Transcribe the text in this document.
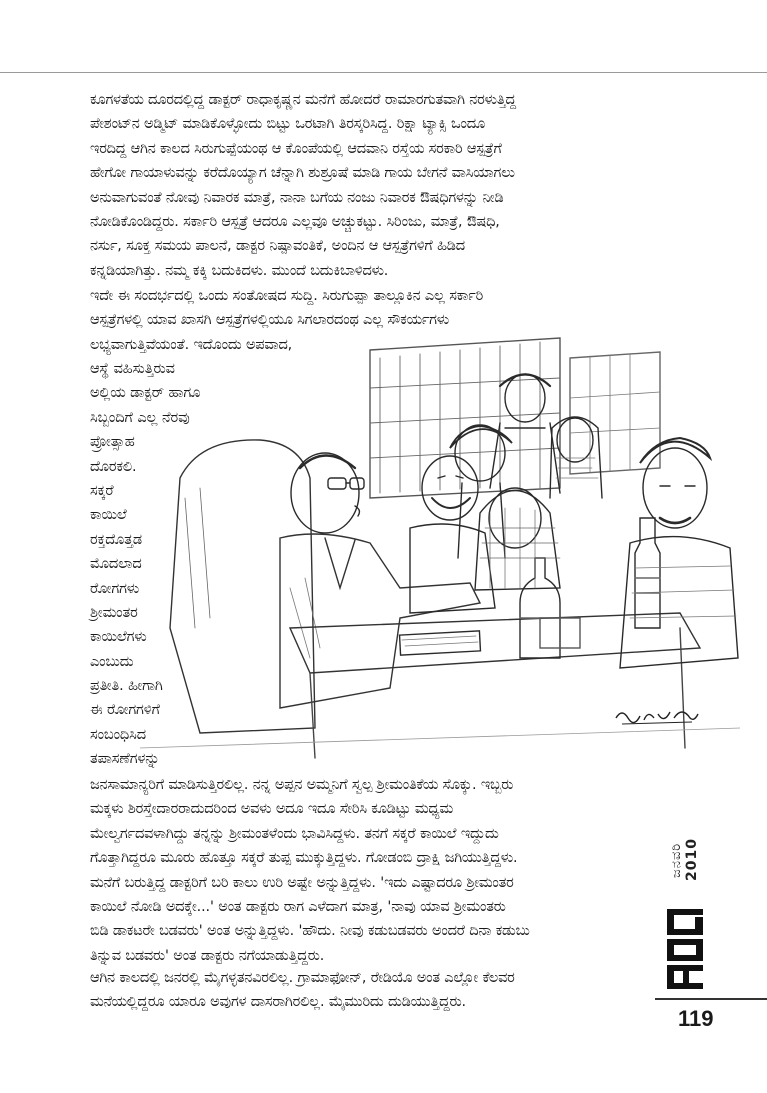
ಕೂಗಳತೆಯ ದೂರದಲ್ಲಿದ್ದ ಡಾಕ್ಟರ್ ರಾಧಾಕೃಷ್ಣನ ಮನೆಗೆ ಹೋದರೆ ರಾಮಾರಗುತವಾಗಿ ನರಳುತ್ತಿದ್ದ
ಪೇಶಂಟ್‌ನ ಅಡ್ಮಿಟ್ ಮಾಡಿಕೊಳ್ಳೋದು ಬಿಟ್ಟು ಒರಟಾಗಿ ತಿರಸ್ಕರಿಸಿದ್ದ. ರಿಕ್ಷಾ ಟ್ಯಾಕ್ಸಿ ಒಂದೂ
ಇರದಿದ್ದ ಆಗಿನ ಕಾಲದ ಸಿರುಗುಪ್ಪೆಯಂಥ ಆ ಕೊಂಪೆಯಲ್ಲಿ ಆದವಾನಿ ರಸ್ತೆಯ ಸರಕಾರಿ ಆಸ್ಪತ್ರೆಗೆ
ಹೇಗೋ ಗಾಯಾಳುವನ್ನು ಕರೆದೊಯ್ಯಾಗ ಚೆನ್ನಾಗಿ ಶುಶ್ರೂಷೆ ಮಾಡಿ ಗಾಯ ಬೇಗನೆ ವಾಸಿಯಾಗಲು
ಅನುವಾಗುವಂತೆ ನೋವು ನಿವಾರಕ ಮಾತ್ರೆ, ನಾನಾ ಬಗೆಯ ನಂಜು ನಿವಾರಕ ಔಷಧಿಗಳನ್ನು ನೀಡಿ
ನೋಡಿಕೊಂಡಿದ್ದರು. ಸರ್ಕಾರಿ ಆಸ್ಪತ್ರೆ ಆದರೂ ಎಲ್ಲವೂ ಅಚ್ಚುಕಟ್ಟು. ಸಿರಿಂಜು, ಮಾತ್ರೆ, ಔಷಧಿ,
ನರ್ಸು, ಸೂಕ್ತ ಸಮಯ ಪಾಲನೆ, ಡಾಕ್ಟರ ನಿಷ್ಪಾವಂತಿಕೆ, ಅಂದಿನ ಆ ಆಸ್ಪತ್ರೆಗಳಿಗೆ ಹಿಡಿದ
ಕನ್ನಡಿಯಾಗಿತ್ತು. ನಮ್ಮ ಕಕ್ಕಿ ಬದುಕಿದಳು. ಮುಂದೆ ಬದುಕಿಬಾಳಿದಳು.
ಇದೇ ಈ ಸಂದರ್ಭದಲ್ಲಿ ಒಂದು ಸಂತೋಷದ ಸುದ್ದಿ. ಸಿರುಗುಪ್ಪಾ ತಾಲ್ಲೂಕಿನ ಎಲ್ಲ ಸರ್ಕಾರಿ
ಆಸ್ಪತ್ರೆಗಳಲ್ಲಿ ಯಾವ ಖಾಸಗಿ ಆಸ್ಪತ್ರೆಗಳಲ್ಲಿಯೂ ಸಿಗಲಾರದಂಥ ಎಲ್ಲ ಸೌಕರ್ಯಗಳು
ಲಭ್ಯವಾಗುತ್ತಿವೆಯಂತೆ. ಇದೊಂದು ಅಪವಾದ,
ಆಸ್ಥೆ ವಹಿಸುತ್ತಿರುವ
ಅಲ್ಲಿಯ ಡಾಕ್ಟರ್ ಹಾಗೂ
ಸಿಬ್ಬಂದಿಗೆ ಎಲ್ಲ ನೆರವು
ಪ್ರೋತ್ಸಾಹ
ದೊರಕಲಿ.
ಸಕ್ಕರೆ
ಕಾಯಿಲೆ
ರಕ್ತದೊತ್ತಡ
ಮೊದಲಾದ
ರೋಗಗಳು
ಶ್ರೀಮಂತರ
ಕಾಯಿಲೆಗಳು
ಎಂಬುದು
ಪ್ರತೀತಿ. ಹೀಗಾಗಿ
ಈ ರೋಗಗಳಿಗೆ
ಸಂಬಂಧಿಸಿದ
ತಪಾಸಣೆಗಳನ್ನು
ಜನಸಾಮಾನ್ಯರಿಗೆ ಮಾಡಿಸುತ್ತಿರಲಿಲ್ಲ. ನನ್ನ ಅಪ್ಪನ ಅಮ್ಮನಿಗೆ ಸ್ವಲ್ಪ ಶ್ರೀಮಂತಿಕೆಯ ಸೊಕ್ಕು. ಇಬ್ಬರು
ಮಕ್ಕಳು ಶಿರಸ್ತೇದಾರರಾದುದರಿಂದ ಅವಳು ಅದೂ ಇದೂ ಸೇರಿಸಿ ಕೂಡಿಟ್ಟು ಮಧ್ಯಮ
ಮೇಲ್ವರ್ಗದವಳಾಗಿದ್ದು ತನ್ನನ್ನು ಶ್ರೀಮಂತಳೆಂದು ಭಾವಿಸಿದ್ದಳು. ತನಗೆ ಸಕ್ಕರೆ ಕಾಯಿಲೆ ಇದ್ದುದು
ಗೊತ್ತಾಗಿದ್ದರೂ ಮೂರು ಹೊತ್ತೂ ಸಕ್ಕರೆ ತುಪ್ಪ ಮುಕ್ಕುತ್ತಿದ್ದಳು. ಗೋಡಂಬಿ ದ್ರಾಕ್ಷಿ ಜಗಿಯುತ್ತಿದ್ದಳು.
ಮನೆಗೆ ಬರುತ್ತಿದ್ದ ಡಾಕ್ಟರಿಗೆ ಬರಿ ಕಾಲು ಉರಿ ಅಷ್ಟೇ ಅನ್ನುತ್ತಿದ್ದಳು. 'ಇದು ಎಷ್ಟಾದರೂ ಶ್ರೀಮಂತರ
ಕಾಯಿಲೆ ನೋಡಿ ಅದಕ್ಕೇ...' ಅಂತ ಡಾಕ್ಟರು ರಾಗ ಎಳೆದಾಗ ಮಾತ್ರ, 'ನಾವು ಯಾವ ಶ್ರೀಮಂತರು
ಬಿಡಿ ಡಾಕಟರೇ ಬಡವರು' ಅಂತ ಅನ್ನುತ್ತಿದ್ದಳು. 'ಹೌದು. ನೀವು ಕಡುಬಡವರು ಅಂದರೆ ದಿನಾ ಕಡುಬು
ತಿನ್ನುವ ಬಡವರು' ಅಂತ ಡಾಕ್ಟರು ನಗೆಯಾಡುತ್ತಿದ್ದರು.
ಆಗಿನ ಕಾಲದಲ್ಲಿ ಜನರಲ್ಲಿ ಮೈಗಳ್ಳತನವಿರಲಿಲ್ಲ. ಗ್ರಾಮಾಫೋನ್, ರೇಡಿಯೊ ಅಂತ ಎಲ್ಲೋ ಕೆಲವರ
ಮನೆಯಲ್ಲಿದ್ದರೂ ಯಾರೂ ಅವುಗಳ ದಾಸರಾಗಿರಲಿಲ್ಲ. ಮೈಮುರಿದು ದುಡಿಯುತ್ತಿದ್ದರು.
ಜನವರಿ 2010
119
